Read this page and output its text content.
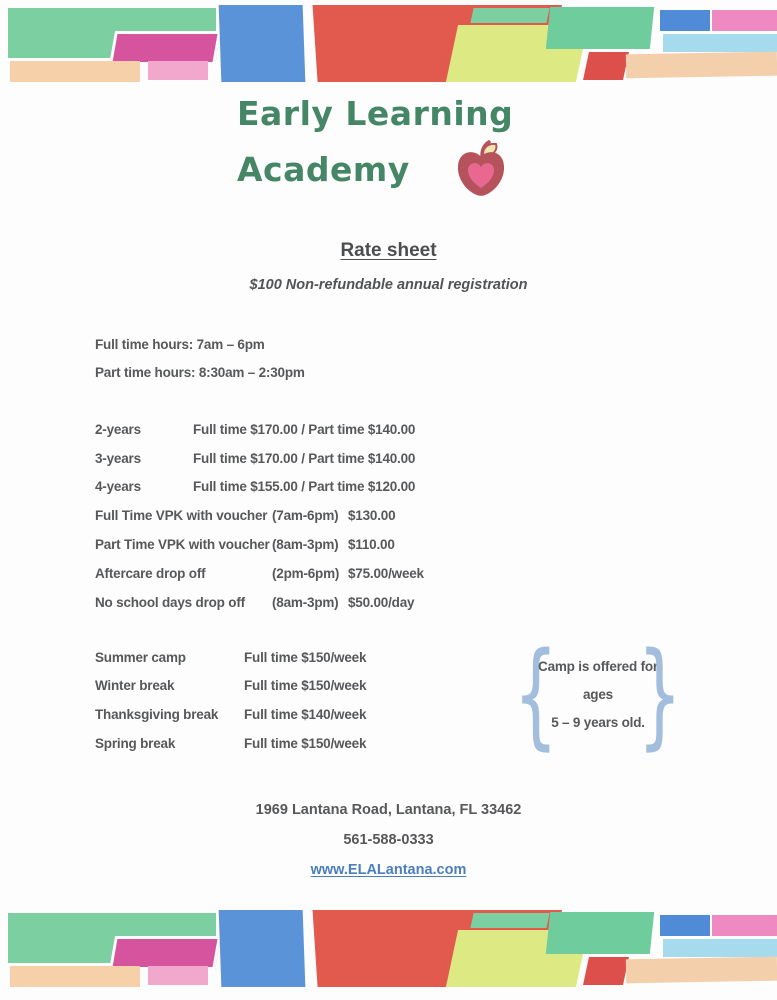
Early Learning
Academy
Rate sheet
$100 Non-refundable annual registration
Full time hours: 7am – 6pm
Part time hours: 8:30am – 2:30pm
2-years	Full time $170.00 / Part time $140.00
3-years	Full time $170.00 / Part time $140.00
4-years	Full time $155.00 / Part time $120.00
Full Time VPK with voucher (7am-6pm) $130.00
Part Time VPK with voucher (8am-3pm) $110.00
Aftercare drop off	(2pm-6pm) $75.00/week
No school days drop off	(8am-3pm) $50.00/day
Summer camp	Full time $150/week
Winter break	Full time $150/week
Thanksgiving break	Full time $140/week
Spring break	Full time $150/week {
Camp is offered for ages
5 – 9 years old.
}
1969 Lantana Road, Lantana, FL 33462
561-588-0333
www.ELALantana.com
